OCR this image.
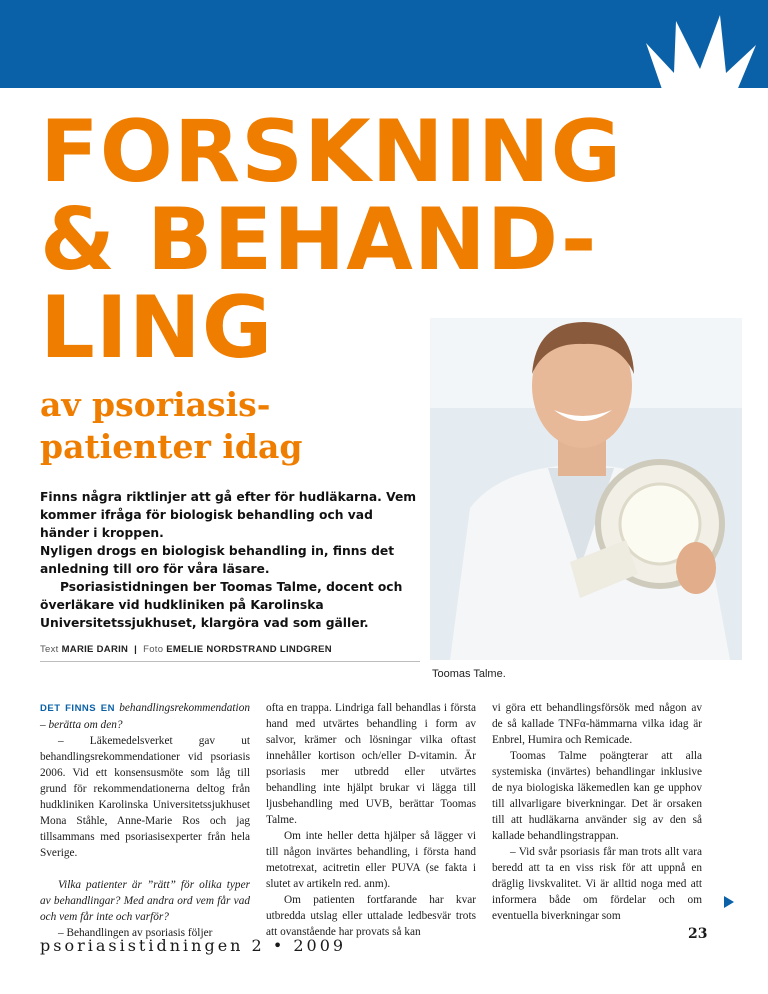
FORSKNING
& BEHAND-
LING
av psoriasis-
patienter idag
Toomas Talme.

Finns några riktlinjer att gå efter för hudläkarna. Vem kommer ifråga för biologisk behandling och vad händer i kroppen.

Nyligen drogs en biologisk behandling in, finns det anledning till oro för våra läsare.

Psoriasistidningen ber Toomas Talme, docent och överläkare vid hudkliniken på Karolinska Universitetssjukhuset, klargöra vad som gäller.

Text MARIE DARIN | Foto EMELIE NORDSTRAND LINDGREN

DET FINNS EN behandlingsrekommendation – berätta om den?

– Läkemedelsverket gav ut behandlingsrekommendationer vid psoriasis 2006. Vid ett konsensusmöte som låg till grund för rekommendationerna deltog från hudkliniken Karolinska Universitetssjukhuset Mona Ståhle, Anne-Marie Ros och jag tillsammans med psoriasisexperter från hela Sverige.

Vilka patienter är ”rätt” för olika typer av behandlingar? Med andra ord vem får vad och vem får inte och varför?

– Behandlingen av psoriasis följer

ofta en trappa. Lindriga fall behandlas i första hand med utvärtes behandling i form av salvor, krämer och lösningar vilka oftast innehåller kortison och/eller D-vitamin. Är psoriasis mer utbredd eller utvärtes behandling inte hjälpt brukar vi lägga till ljusbehandling med UVB, berättar Toomas Talme.

Om inte heller detta hjälper så lägger vi till någon invärtes behandling, i första hand metotrexat, acitretin eller PUVA (se fakta i slutet av artikeln red. anm).

Om patienten fortfarande har kvar utbredda utslag eller uttalade ledbesvär trots att ovanstående har provats så kan

vi göra ett behandlingsförsök med någon av de så kallade TNFα-hämmarna vilka idag är Enbrel, Humira och Remicade.

Toomas Talme poängterar att alla systemiska (invärtes) behandlingar inklusive de nya biologiska läkemedlen kan ge upphov till allvarligare biverkningar. Det är orsaken till att hudläkarna använder sig av den så kallade behandlingstrappan.

– Vid svår psoriasis får man trots allt vara beredd att ta en viss risk för att uppnå en dräglig livskvalitet. Vi är alltid noga med att informera både om fördelar och om eventuella biverkningar som

psoriasistidningen 2 • 2009
23
